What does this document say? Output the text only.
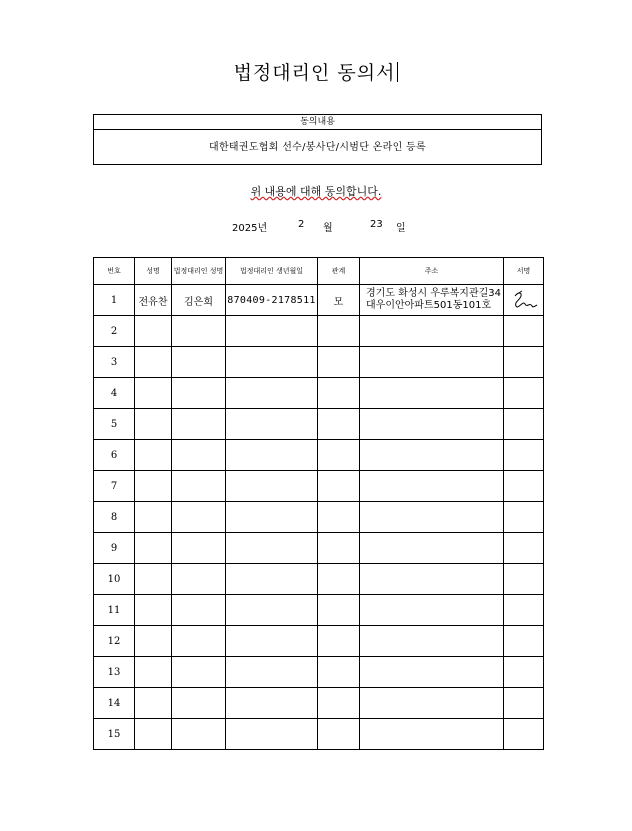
법정대리인 동의서
동의내용
대한태권도협회 선수/봉사단/시범단 온라인 등록
위 내용에 대해 동의합니다.
2025년	2 월	23 일
번호	성명	법정대리인 성명	법정대리인 생년월일	관계	주소	서명
1	전유찬	김은희	870409-2178511	모	경기도 화성시 우루복지관길34
대우이안아파트501동101호

2						
3						
4						
5						
6						
7						
8						
9						
10						
11						
12						
13						
14						
15						
